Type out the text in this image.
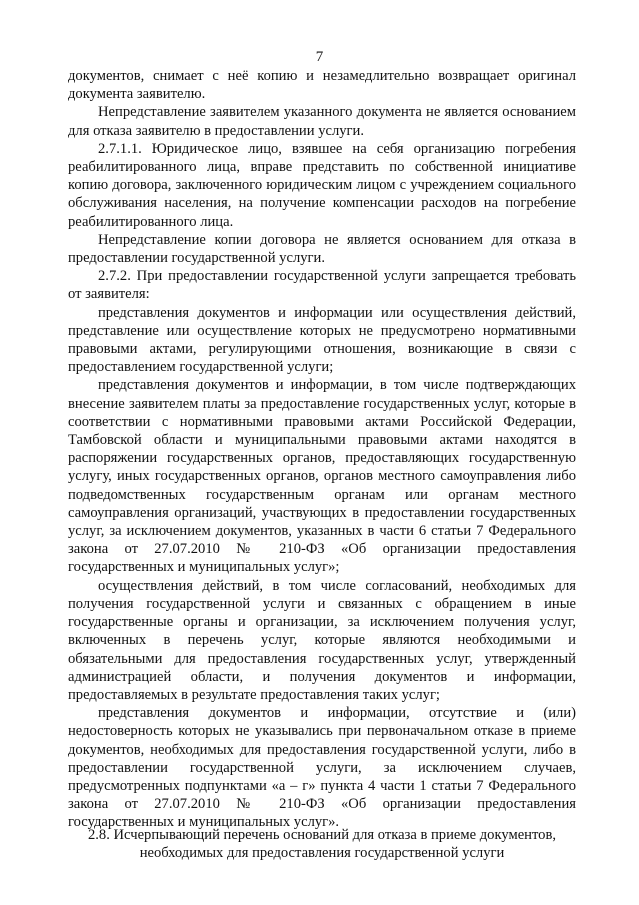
7

документов, снимает с неё копию и незамедлительно возвращает оригинал документа заявителю.

Непредставление заявителем указанного документа не является основанием для отказа заявителю в предоставлении услуги.

2.7.1.1. Юридическое лицо, взявшее на себя организацию погребения реабилитированного лица, вправе представить по собственной инициативе копию договора, заключенного юридическим лицом с учреждением социального обслуживания населения, на получение компенсации расходов на погребение реабилитированного лица.

Непредставление копии договора не является основанием для отказа в предоставлении государственной услуги.

2.7.2. При предоставлении государственной услуги запрещается требовать от заявителя:

представления документов и информации или осуществления действий, представление или осуществление которых не предусмотрено нормативными правовыми актами, регулирующими отношения, возникающие в связи с предоставлением государственной услуги;

представления документов и информации, в том числе подтверждающих внесение заявителем платы за предоставление государственных услуг, которые в соответствии с нормативными правовыми актами Российской Федерации, Тамбовской области и муниципальными правовыми актами находятся в распоряжении государственных органов, предоставляющих государственную услугу, иных государственных органов, органов местного самоуправления либо подведомственных государственным органам или органам местного самоуправления организаций, участвующих в предоставлении государственных услуг, за исключением документов, указанных в части 6 статьи 7 Федерального закона от 27.07.2010 № 210-ФЗ «Об организации предоставления государственных и муниципальных услуг»;

осуществления действий, в том числе согласований, необходимых для получения государственной услуги и связанных с обращением в иные государственные органы и организации, за исключением получения услуг, включенных в перечень услуг, которые являются необходимыми и обязательными для предоставления государственных услуг, утвержденный администрацией области, и получения документов и информации, предоставляемых в результате предоставления таких услуг;

представления документов и информации, отсутствие и (или) недостоверность которых не указывались при первоначальном отказе в приеме документов, необходимых для предоставления государственной услуги, либо в предоставлении государственной услуги, за исключением случаев, предусмотренных подпунктами «а – г» пункта 4 части 1 статьи 7 Федерального закона от 27.07.2010 № 210-ФЗ «Об организации предоставления государственных и муниципальных услуг».

2.8. Исчерпывающий перечень оснований для отказа в приеме документов, необходимых для предоставления государственной услуги
